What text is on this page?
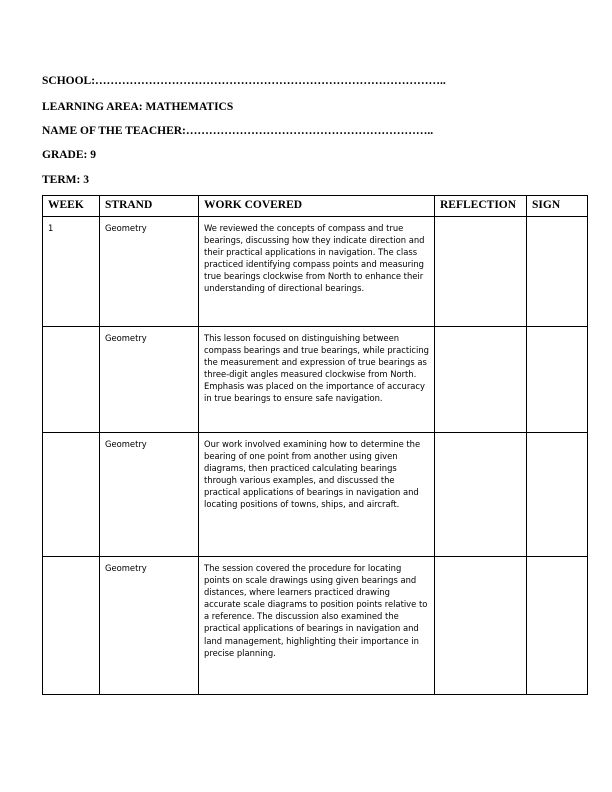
SCHOOL:………………………………………………………………………………..
LEARNING AREA: MATHEMATICS
NAME OF THE TEACHER:………………………………………………………..
GRADE: 9
TERM: 3
WEEK	STRAND	WORK COVERED	REFLECTION	SIGN
1	Geometry	We reviewed the concepts of compass and true bearings, discussing how they indicate direction and their practical applications in navigation. The class practiced identifying compass points and measuring true bearings clockwise from North to enhance their understanding of directional bearings.		
	Geometry	This lesson focused on distinguishing between compass bearings and true bearings, while practicing the measurement and expression of true bearings as three-digit angles measured clockwise from North. Emphasis was placed on the importance of accuracy in true bearings to ensure safe navigation.		
	Geometry	Our work involved examining how to determine the bearing of one point from another using given diagrams, then practiced calculating bearings through various examples, and discussed the practical applications of bearings in navigation and locating positions of towns, ships, and aircraft.		
	Geometry	The session covered the procedure for locating points on scale drawings using given bearings and distances, where learners practiced drawing accurate scale diagrams to position points relative to a reference. The discussion also examined the practical applications of bearings in navigation and land management, highlighting their importance in precise planning.		
